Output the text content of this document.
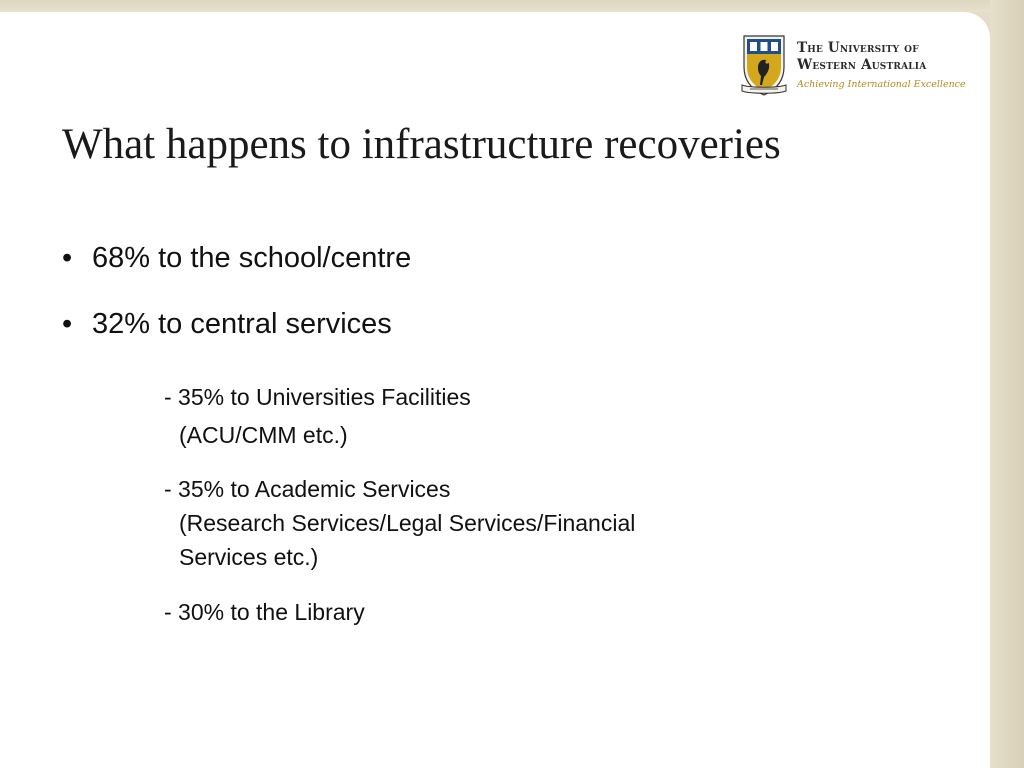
The University of
Western Australia
Achieving International Excellence
What happens to infrastructure recoveries
• 68% to the school/centre
• 32% to central services
- 35% to Universities Facilities
(ACU/CMM etc.)
- 35% to Academic Services
(Research Services/Legal Services/Financial
Services etc.)
- 30% to the Library
